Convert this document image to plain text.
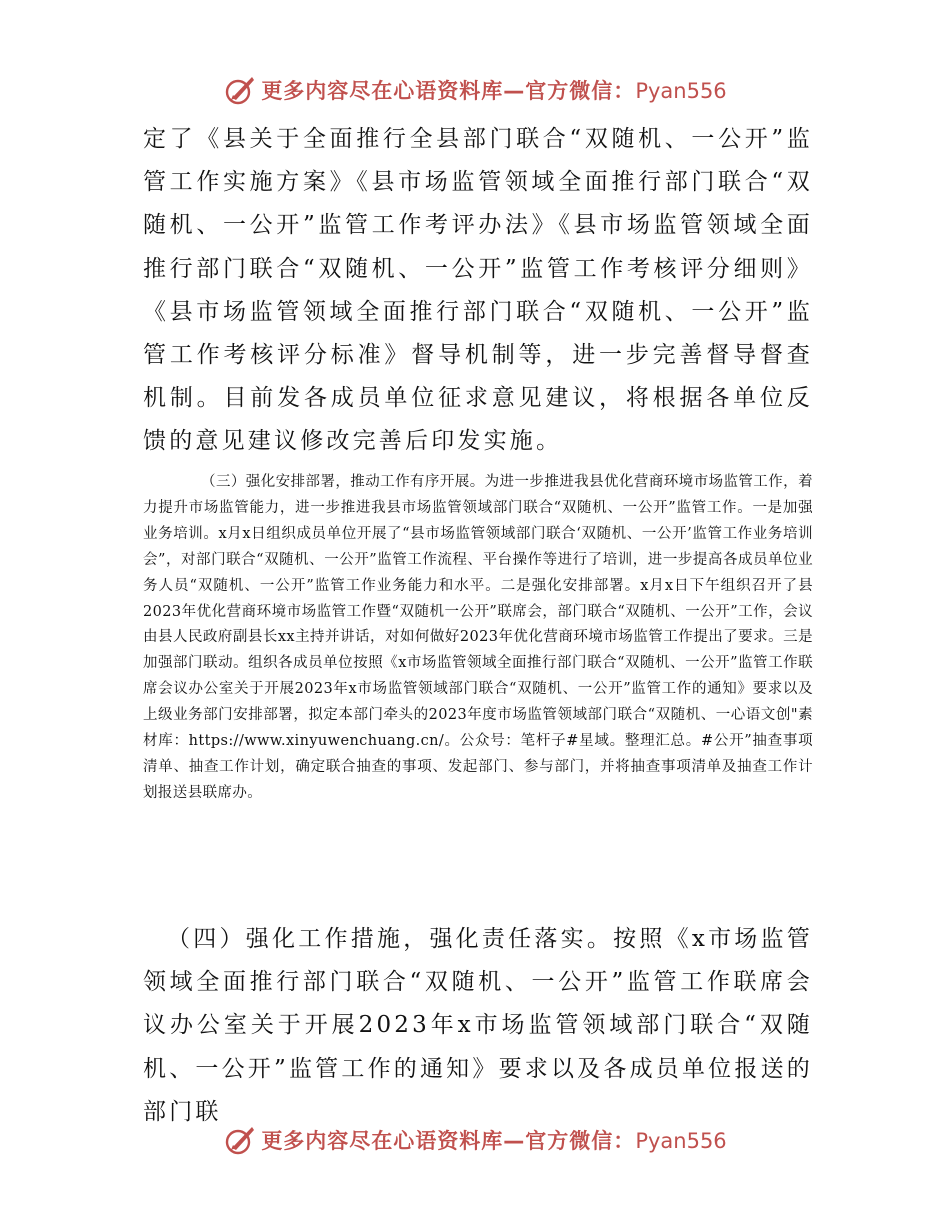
更多内容尽在心语资料库—官方微信：Pyan556

定了《县关于全面推行全县部门联合“双随机、一公开”监管工作实施方案》《县市场监管领域全面推行部门联合“双随机、一公开”监管工作考评办法》《县市场监管领域全面推行部门联合“双随机、一公开”监管工作考核评分细则》《县市场监管领域全面推行部门联合“双随机、一公开”监管工作考核评分标准》督导机制等，进一步完善督导督查机制。目前发各成员单位征求意见建议，将根据各单位反馈的意见建议修改完善后印发实施。

（三）强化安排部署，推动工作有序开展。为进一步推进我县优化营商环境市场监管工作，着力提升市场监管能力，进一步推进我县市场监管领域部门联合“双随机、一公开”监管工作。一是加强业务培训。x月x日组织成员单位开展了“县市场监管领域部门联合‘双随机、一公开’监管工作业务培训会”，对部门联合“双随机、一公开”监管工作流程、平台操作等进行了培训，进一步提高各成员单位业务人员“双随机、一公开”监管工作业务能力和水平。二是强化安排部署。x月x日下午组织召开了县2023年优化营商环境市场监管工作暨“双随机一公开”联席会，部门联合“双随机、一公开”工作，会议由县人民政府副县长xx主持并讲话，对如何做好2023年优化营商环境市场监管工作提出了要求。三是加强部门联动。组织各成员单位按照《x市场监管领域全面推行部门联合“双随机、一公开”监管工作联席会议办公室关于开展2023年x市场监管领域部门联合“双随机、一公开”监管工作的通知》要求以及上级业务部门安排部署，拟定本部门牵头的2023年度市场监管领域部门联合“双随机、一心语文创"素材库：https://www.xinyuwenchuang.cn/。公众号：笔杆子#星域。整理汇总。#公开”抽查事项清单、抽查工作计划，确定联合抽查的事项、发起部门、参与部门，并将抽查事项清单及抽查工作计划报送县联席办。

（四）强化工作措施，强化责任落实。按照《x市场监管领域全面推行部门联合“双随机、一公开”监管工作联席会议办公室关于开展2023年x市场监管领域部门联合“双随机、一公开”监管工作的通知》要求以及各成员单位报送的部门联

更多内容尽在心语资料库—官方微信：Pyan556
